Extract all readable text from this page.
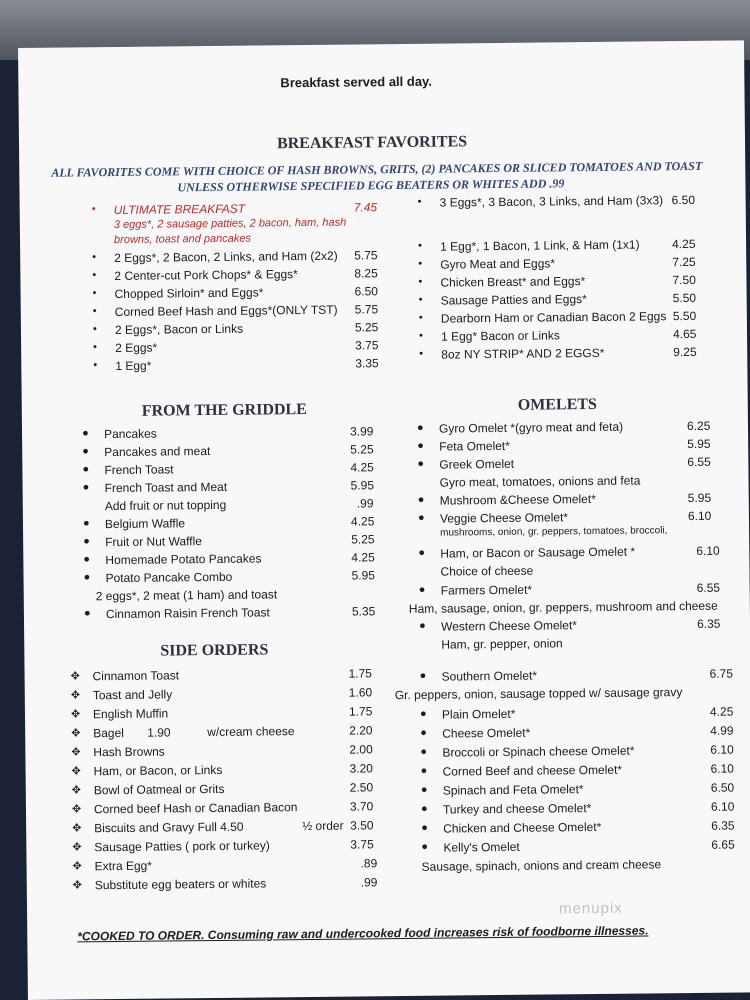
Breakfast served all day.
BREAKFAST FAVORITES
ALL FAVORITES COME WITH CHOICE OF HASH BROWNS, GRITS, (2) PANCAKES OR SLICED TOMATOES AND TOAST
UNLESS OTHERWISE SPECIFIED EGG BEATERS OR WHITES ADD .99
• ULTIMATE BREAKFAST	7.45
3 eggs*, 2 sausage patties, 2 bacon, ham, hash
browns, toast and pancakes
• 2 Eggs*, 2 Bacon, 2 Links, and Ham (2x2) 5.75
• 2 Center-cut Pork Chops* & Eggs*	8.25
• Chopped Sirloin* and Eggs*	6.50
• Corned Beef Hash and Eggs*(ONLY TST) 5.75
• 2 Eggs*, Bacon or Links	5.25
• 2 Eggs*	3.75
• 1 Egg*	3.35
• 3 Eggs*, 3 Bacon, 3 Links, and Ham (3x3) 6.50
• 1 Egg*, 1 Bacon, 1 Link, & Ham (1x1)	4.25
• Gyro Meat and Eggs*	7.25
• Chicken Breast* and Eggs*	7.50
• Sausage Patties and Eggs*	5.50
• Dearborn Ham or Canadian Bacon 2 Eggs 5.50
• 1 Egg* Bacon or Links	4.65
• 8oz NY STRIP* AND 2 EGGS*	9.25
FROM THE GRIDDLE
● Pancakes	3.99
● Pancakes and meat	5.25
● French Toast	4.25
● French Toast and Meat	5.95
Add fruit or nut topping	.99
● Belgium Waffle	4.25
● Fruit or Nut Waffle	5.25
● Homemade Potato Pancakes	4.25
● Potato Pancake Combo	5.95
2 eggs*, 2 meat (1 ham) and toast
● Cinnamon Raisin French Toast	5.35
SIDE ORDERS
✥ Cinnamon Toast	1.75
✥ Toast and Jelly	1.60
✥ English Muffin	1.75
✥ Bagel 1.90	w/cream cheese	2.20
✥ Hash Browns	2.00
✥ Ham, or Bacon, or Links	3.20
✥ Bowl of Oatmeal or Grits	2.50
✥ Corned beef Hash or Canadian Bacon	3.70
✥ Biscuits and Gravy Full 4.50	½ order 3.50
✥ Sausage Patties ( pork or turkey)	3.75
✥ Extra Egg*	.89
✥ Substitute egg beaters or whites	.99
OMELETS
● Gyro Omelet *(gyro meat and feta)	6.25
● Feta Omelet*	5.95
● Greek Omelet	6.55
Gyro meat, tomatoes, onions and feta
● Mushroom &Cheese Omelet*	5.95
● Veggie Cheese Omelet*	6.10
mushrooms, onion, gr. peppers, tomatoes, broccoli,
● Ham, or Bacon or Sausage Omelet *	6.10
Choice of cheese
● Farmers Omelet*	6.55
Ham, sausage, onion, gr. peppers, mushroom and cheese
● Western Cheese Omelet*	6.35
Ham, gr. pepper, onion
● Southern Omelet*	6.75
Gr. peppers, onion, sausage topped w/ sausage gravy
● Plain Omelet*	4.25
● Cheese Omelet*	4.99
● Broccoli or Spinach cheese Omelet*	6.10
● Corned Beef and cheese Omelet*	6.10
● Spinach and Feta Omelet*	6.50
● Turkey and cheese Omelet*	6.10
● Chicken and Cheese Omelet*	6.35
● Kelly's Omelet	6.65
Sausage, spinach, onions and cream cheese
menupix
*COOKED TO ORDER. Consuming raw and undercooked food increases risk of foodborne illnesses.
